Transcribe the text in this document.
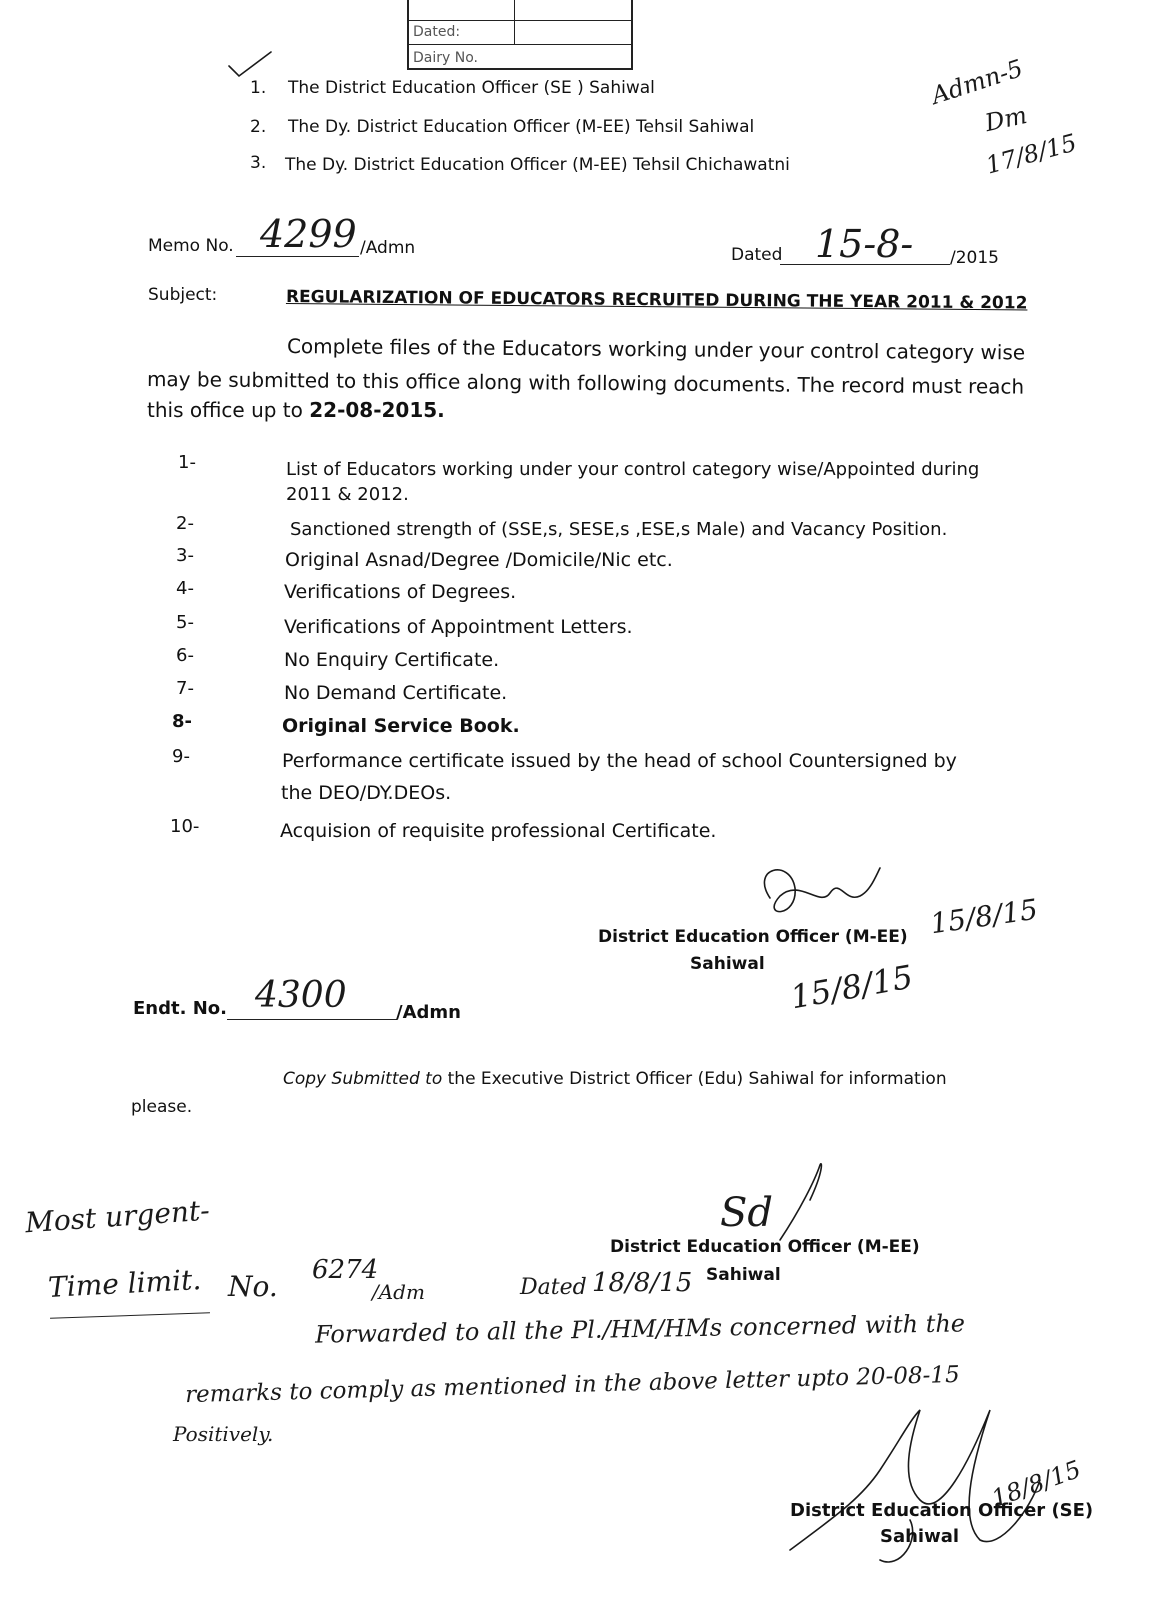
Dated:
Dairy No.
1. The District Education Officer (SE ) Sahiwal
2. The Dy. District Education Officer (M-EE) Tehsil Sahiwal
3. The Dy. District Education Officer (M-EE) Tehsil Chichawatni
Admn-5
Dm
17/8/15
Memo No. 4299 /Admn	Dated 15-8- /2015
Subject:	REGULARIZATION OF EDUCATORS RECRUITED DURING THE YEAR 2011 & 2012
Complete files of the Educators working under your control category wise
may be submitted to this office along with following documents. The record must reach
this office up to 22-08-2015.
1-	List of Educators working under your control category wise/Appointed during
2011 & 2012.
2-	Sanctioned strength of (SSE,s, SESE,s ,ESE,s Male) and Vacancy Position.
3-	Original Asnad/Degree /Domicile/Nic etc.
4-	Verifications of Degrees.
5-	Verifications of Appointment Letters.
6-	No Enquiry Certificate.
7-	No Demand Certificate.
8-	Original Service Book.
9-	Performance certificate issued by the head of school Countersigned by
the DEO/DY.DEOs.
10-	Acquision of requisite professional Certificate.
District Education Officer (M-EE)
Sahiwal
15/8/15
15/8/15
Endt. No. 4300	/Admn
Copy Submitted to the Executive District Officer (Edu) Sahiwal for information
please.
Sd
District Education Officer (M-EE)
Sahiwal
Most urgent-
Time limit. No. 6274
/Adm	Dated 18/8/15
Forwarded to all the Pl./HM/HMs concerned with the
remarks to comply as mentioned in the above letter upto 20-08-15
Positively.
District Education Officer (SE)
Sahiwal
18/8/15
